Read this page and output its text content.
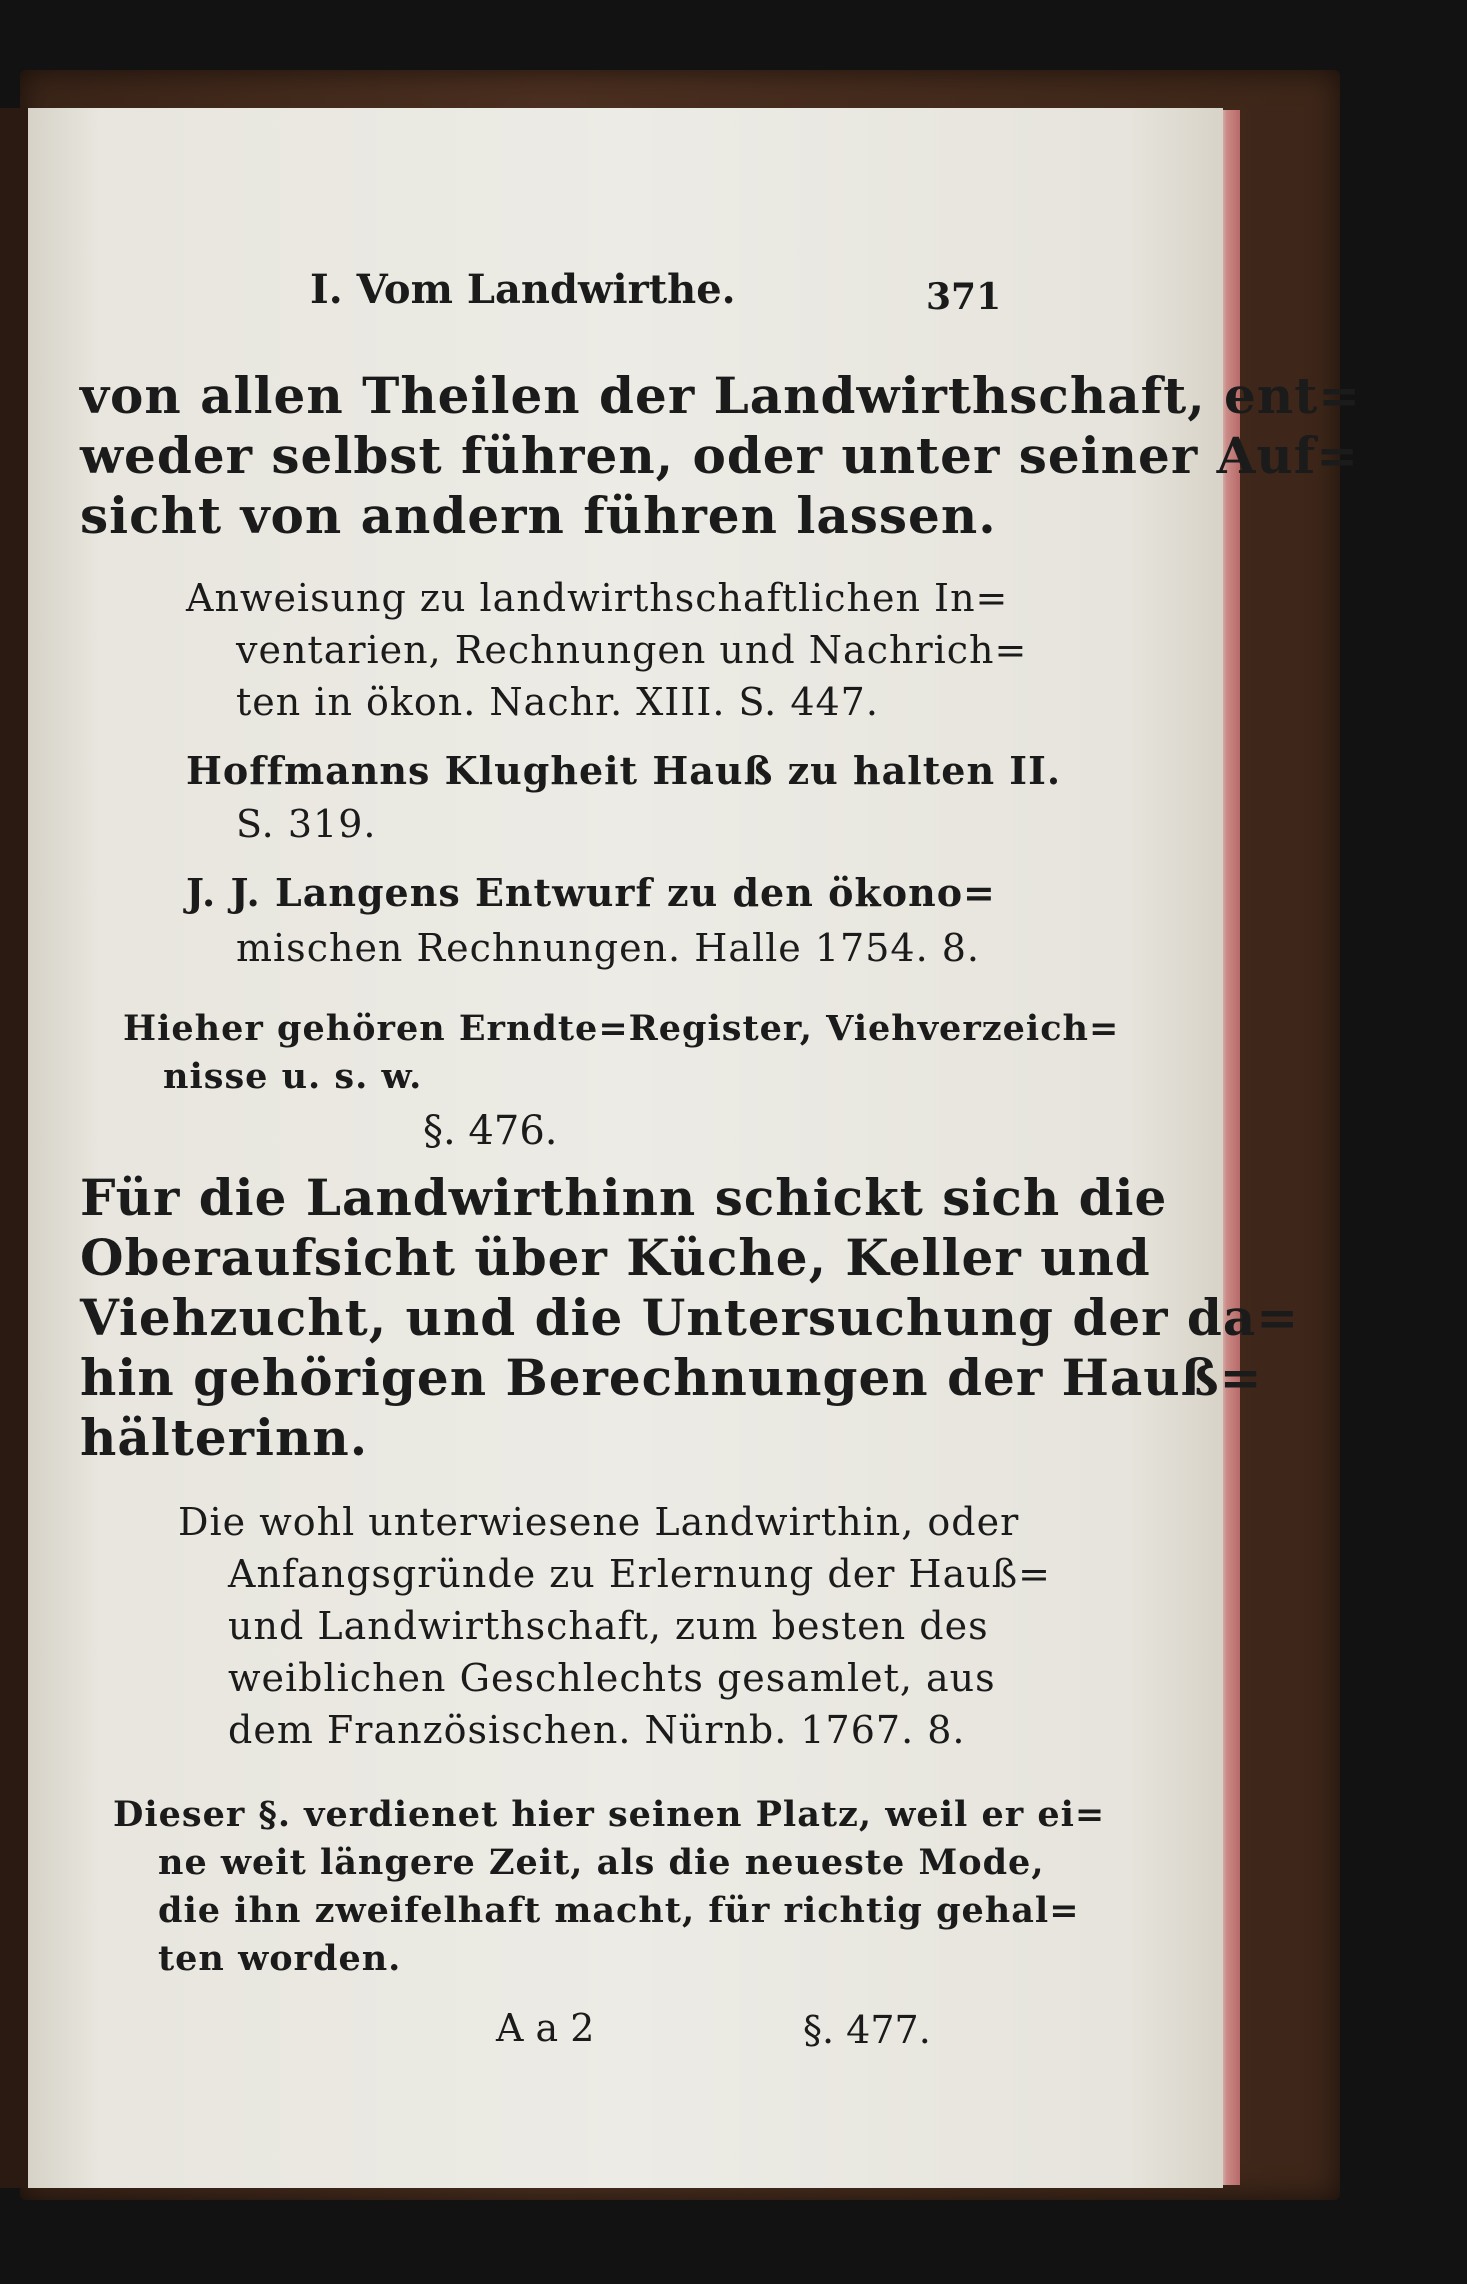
I. Vom Landwirthe.	371
von allen Theilen der Landwirthschaft, ent=
weder selbst führen, oder unter seiner Auf=
sicht von andern führen lassen.
Anweisung zu landwirthschaftlichen In=
ventarien, Rechnungen und Nachrich=
ten in ökon. Nachr. XIII. S. 447.
Hoffmanns Klugheit Hauß zu halten II.
S. 319.
J. J. Langens Entwurf zu den ökono=
mischen Rechnungen. Halle 1754. 8.
Hieher gehören Erndte=Register, Viehverzeich=
nisse u. s. w.
§. 476.
Für die Landwirthinn schickt sich die
Oberaufsicht über Küche, Keller und
Viehzucht, und die Untersuchung der da=
hin gehörigen Berechnungen der Hauß=
hälterinn.
Die wohl unterwiesene Landwirthin, oder
Anfangsgründe zu Erlernung der Hauß=
und Landwirthschaft, zum besten des
weiblichen Geschlechts gesamlet, aus
dem Französischen. Nürnb. 1767. 8.
Dieser §. verdienet hier seinen Platz, weil er ei=
ne weit längere Zeit, als die neueste Mode,
die ihn zweifelhaft macht, für richtig gehal=
ten worden.
A a 2	§. 477.
